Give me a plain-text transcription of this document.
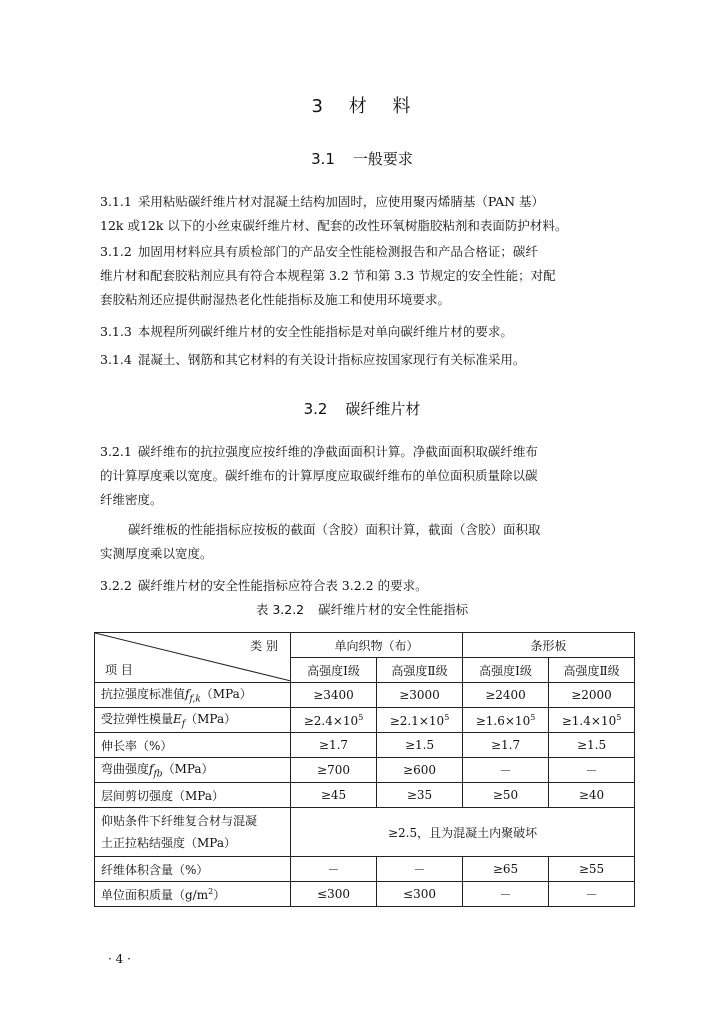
3 材 料
3.1 一般要求

3.1.1 采用粘贴碳纤维片材对混凝土结构加固时，应使用聚丙烯腈基（PAN 基）
12k 或12k 以下的小丝束碳纤维片材、配套的改性环氧树脂胶粘剂和表面防护材料。

3.1.2 加固用材料应具有质检部门的产品安全性能检测报告和产品合格证；碳纤
维片材和配套胶粘剂应具有符合本规程第 3.2 节和第 3.3 节规定的安全性能；对配
套胶粘剂还应提供耐湿热老化性能指标及施工和使用环境要求。

3.1.3 本规程所列碳纤维片材的安全性能指标是对单向碳纤维片材的要求。

3.1.4 混凝土、钢筋和其它材料的有关设计指标应按国家现行有关标准采用。

3.2 碳纤维片材

3.2.1 碳纤维布的抗拉强度应按纤维的净截面面积计算。净截面面积取碳纤维布
的计算厚度乘以宽度。碳纤维布的计算厚度应取碳纤维布的单位面积质量除以碳
纤维密度。

碳纤维板的性能指标应按板的截面（含胶）面积计算，截面（含胶）面积取
实测厚度乘以宽度。

3.2.2 碳纤维片材的安全性能指标应符合表 3.2.2 的要求。

表 3.2.2 碳纤维片材的安全性能指标
类 别
项 目	单向织物（布）		条形板	
	高强度Ⅰ级	高强度Ⅱ级	高强度Ⅰ级	高强度Ⅱ级
抗拉强度标准值$f_{f,k}(MPa)$	≥3400	≥3000	≥2400	≥2000
受拉弹性模量$E_f(MPa)$	$\ge 2.4\times 10^5$	$\ge 2.1\times 10^5$	$\ge 1.6\times 10^5$	$\ge 1.4\times 10^5$
伸长率（%）	≥1.7	≥1.5	≥1.7	≥1.5
弯曲强度$f_{fb}(MPa)$	≥700	≥600	－	－
层间剪切强度（MPa）	≥45	≥35	≥50	≥40
仰贴条件下纤维复合材与混凝
土正拉粘结强度（MPa）	≥2.5，且为混凝土内聚破坏			
纤维体积含量（%）	－	－	≥65	≥55
单位面积质量$(g/m^2)$	≤300	≤300	－	－
· 4 ·
